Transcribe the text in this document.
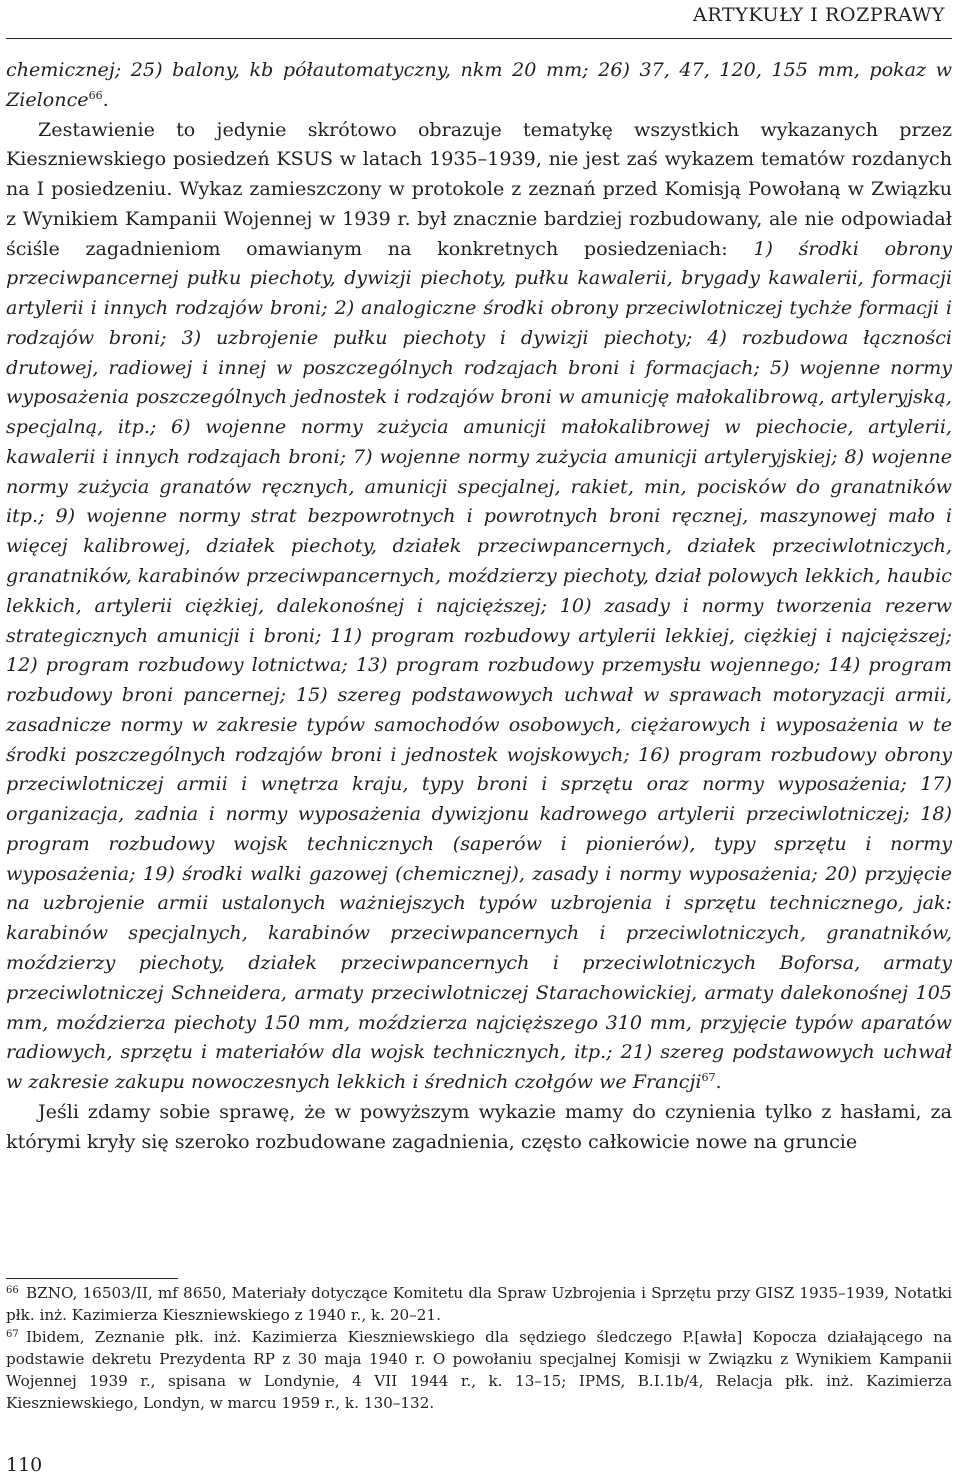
ARTYKUŁY I ROZPRAWY

chemicznej; 25) balony, kb półautomatyczny, nkm 20 mm; 26) 37, 47, 120, 155 mm, pokaz w Zielonce$^{66}$.

Zestawienie to jedynie skrótowo obrazuje tematykę wszystkich wykazanych przez Kieszniewskiego posiedzeń KSUS w latach 1935–1939, nie jest zaś wykazem tematów rozdanych na I posiedzeniu. Wykaz zamieszczony w protokole z zeznań przed Komisją Powołaną w Związku z Wynikiem Kampanii Wojennej w 1939 r. był znacznie bardziej rozbudowany, ale nie odpowiadał ściśle zagadnieniom omawianym na konkretnych posiedzeniach: 1) środki obrony przeciwpancernej pułku piechoty, dywizji piechoty, pułku kawalerii, brygady kawalerii, formacji artylerii i innych rodzajów broni; 2) analogiczne środki obrony przeciwlotniczej tychże formacji i rodzajów broni; 3) uzbrojenie pułku piechoty i dywizji piechoty; 4) rozbudowa łączności drutowej, radiowej i innej w poszczególnych rodzajach broni i formacjach; 5) wojenne normy wyposażenia poszczególnych jednostek i rodzajów broni w amunicję małokalibrową, artyleryjską, specjalną, itp.; 6) wojenne normy zużycia amunicji małokalibrowej w piechocie, artylerii, kawalerii i innych rodzajach broni; 7) wojenne normy zużycia amunicji artyleryjskiej; 8) wojenne normy zużycia granatów ręcznych, amunicji specjalnej, rakiet, min, pocisków do granatników itp.; 9) wojenne normy strat bezpowrotnych i powrotnych broni ręcznej, maszynowej mało i więcej kalibrowej, działek piechoty, działek przeciwpancernych, działek przeciwlotniczych, granatników, karabinów przeciwpancernych, moździerzy piechoty, dział polowych lekkich, haubic lekkich, artylerii ciężkiej, dalekonośnej i najcięższej; 10) zasady i normy tworzenia rezerw strategicznych amunicji i broni; 11) program rozbudowy artylerii lekkiej, ciężkiej i najcięższej; 12) program rozbudowy lotnictwa; 13) program rozbudowy przemysłu wojennego; 14) program rozbudowy broni pancernej; 15) szereg podstawowych uchwał w sprawach motoryzacji armii, zasadnicze normy w zakresie typów samochodów osobowych, ciężarowych i wyposażenia w te środki poszczególnych rodzajów broni i jednostek wojskowych; 16) program rozbudowy obrony przeciwlotniczej armii i wnętrza kraju, typy broni i sprzętu oraz normy wyposażenia; 17) organizacja, zadnia i normy wyposażenia dywizjonu kadrowego artylerii przeciwlotniczej; 18) program rozbudowy wojsk technicznych (saperów i pionierów), typy sprzętu i normy wyposażenia; 19) środki walki gazowej (chemicznej), zasady i normy wyposażenia; 20) przyjęcie na uzbrojenie armii ustalonych ważniejszych typów uzbrojenia i sprzętu technicznego, jak: karabinów specjalnych, karabinów przeciwpancernych i przeciwlotniczych, granatników, moździerzy piechoty, działek przeciwpancernych i przeciwlotniczych Boforsa, armaty przeciwlotniczej Schneidera, armaty przeciwlotniczej Starachowickiej, armaty dalekonośnej 105 mm, moździerza piechoty 150 mm, moździerza najcięższego 310 mm, przyjęcie typów aparatów radiowych, sprzętu i materiałów dla wojsk technicznych, itp.; 21) szereg podstawowych uchwał w zakresie zakupu nowoczesnych lekkich i średnich czołgów we Francji$^{67}$.

Jeśli zdamy sobie sprawę, że w powyższym wykazie mamy do czynienia tylko z hasłami, za którymi kryły się szeroko rozbudowane zagadnienia, często całkowicie nowe na gruncie

66 BZNO, 16503/II, mf 8650, Materiały dotyczące Komitetu dla Spraw Uzbrojenia i Sprzętu przy GISZ 1935–1939, Notatki płk. inż. Kazimierza Kieszniewskiego z 1940 r., k. 20–21.

67 Ibidem, Zeznanie płk. inż. Kazimierza Kieszniewskiego dla sędziego śledczego P.[awła] Kopocza działającego na podstawie dekretu Prezydenta RP z 30 maja 1940 r. O powołaniu specjalnej Komisji w Związku z Wynikiem Kampanii Wojennej 1939 r., spisana w Londynie, 4 VII 1944 r., k. 13–15; IPMS, B.I.1b/4, Relacja płk. inż. Kazimierza Kieszniewskiego, Londyn, w marcu 1959 r., k. 130–132.

110
